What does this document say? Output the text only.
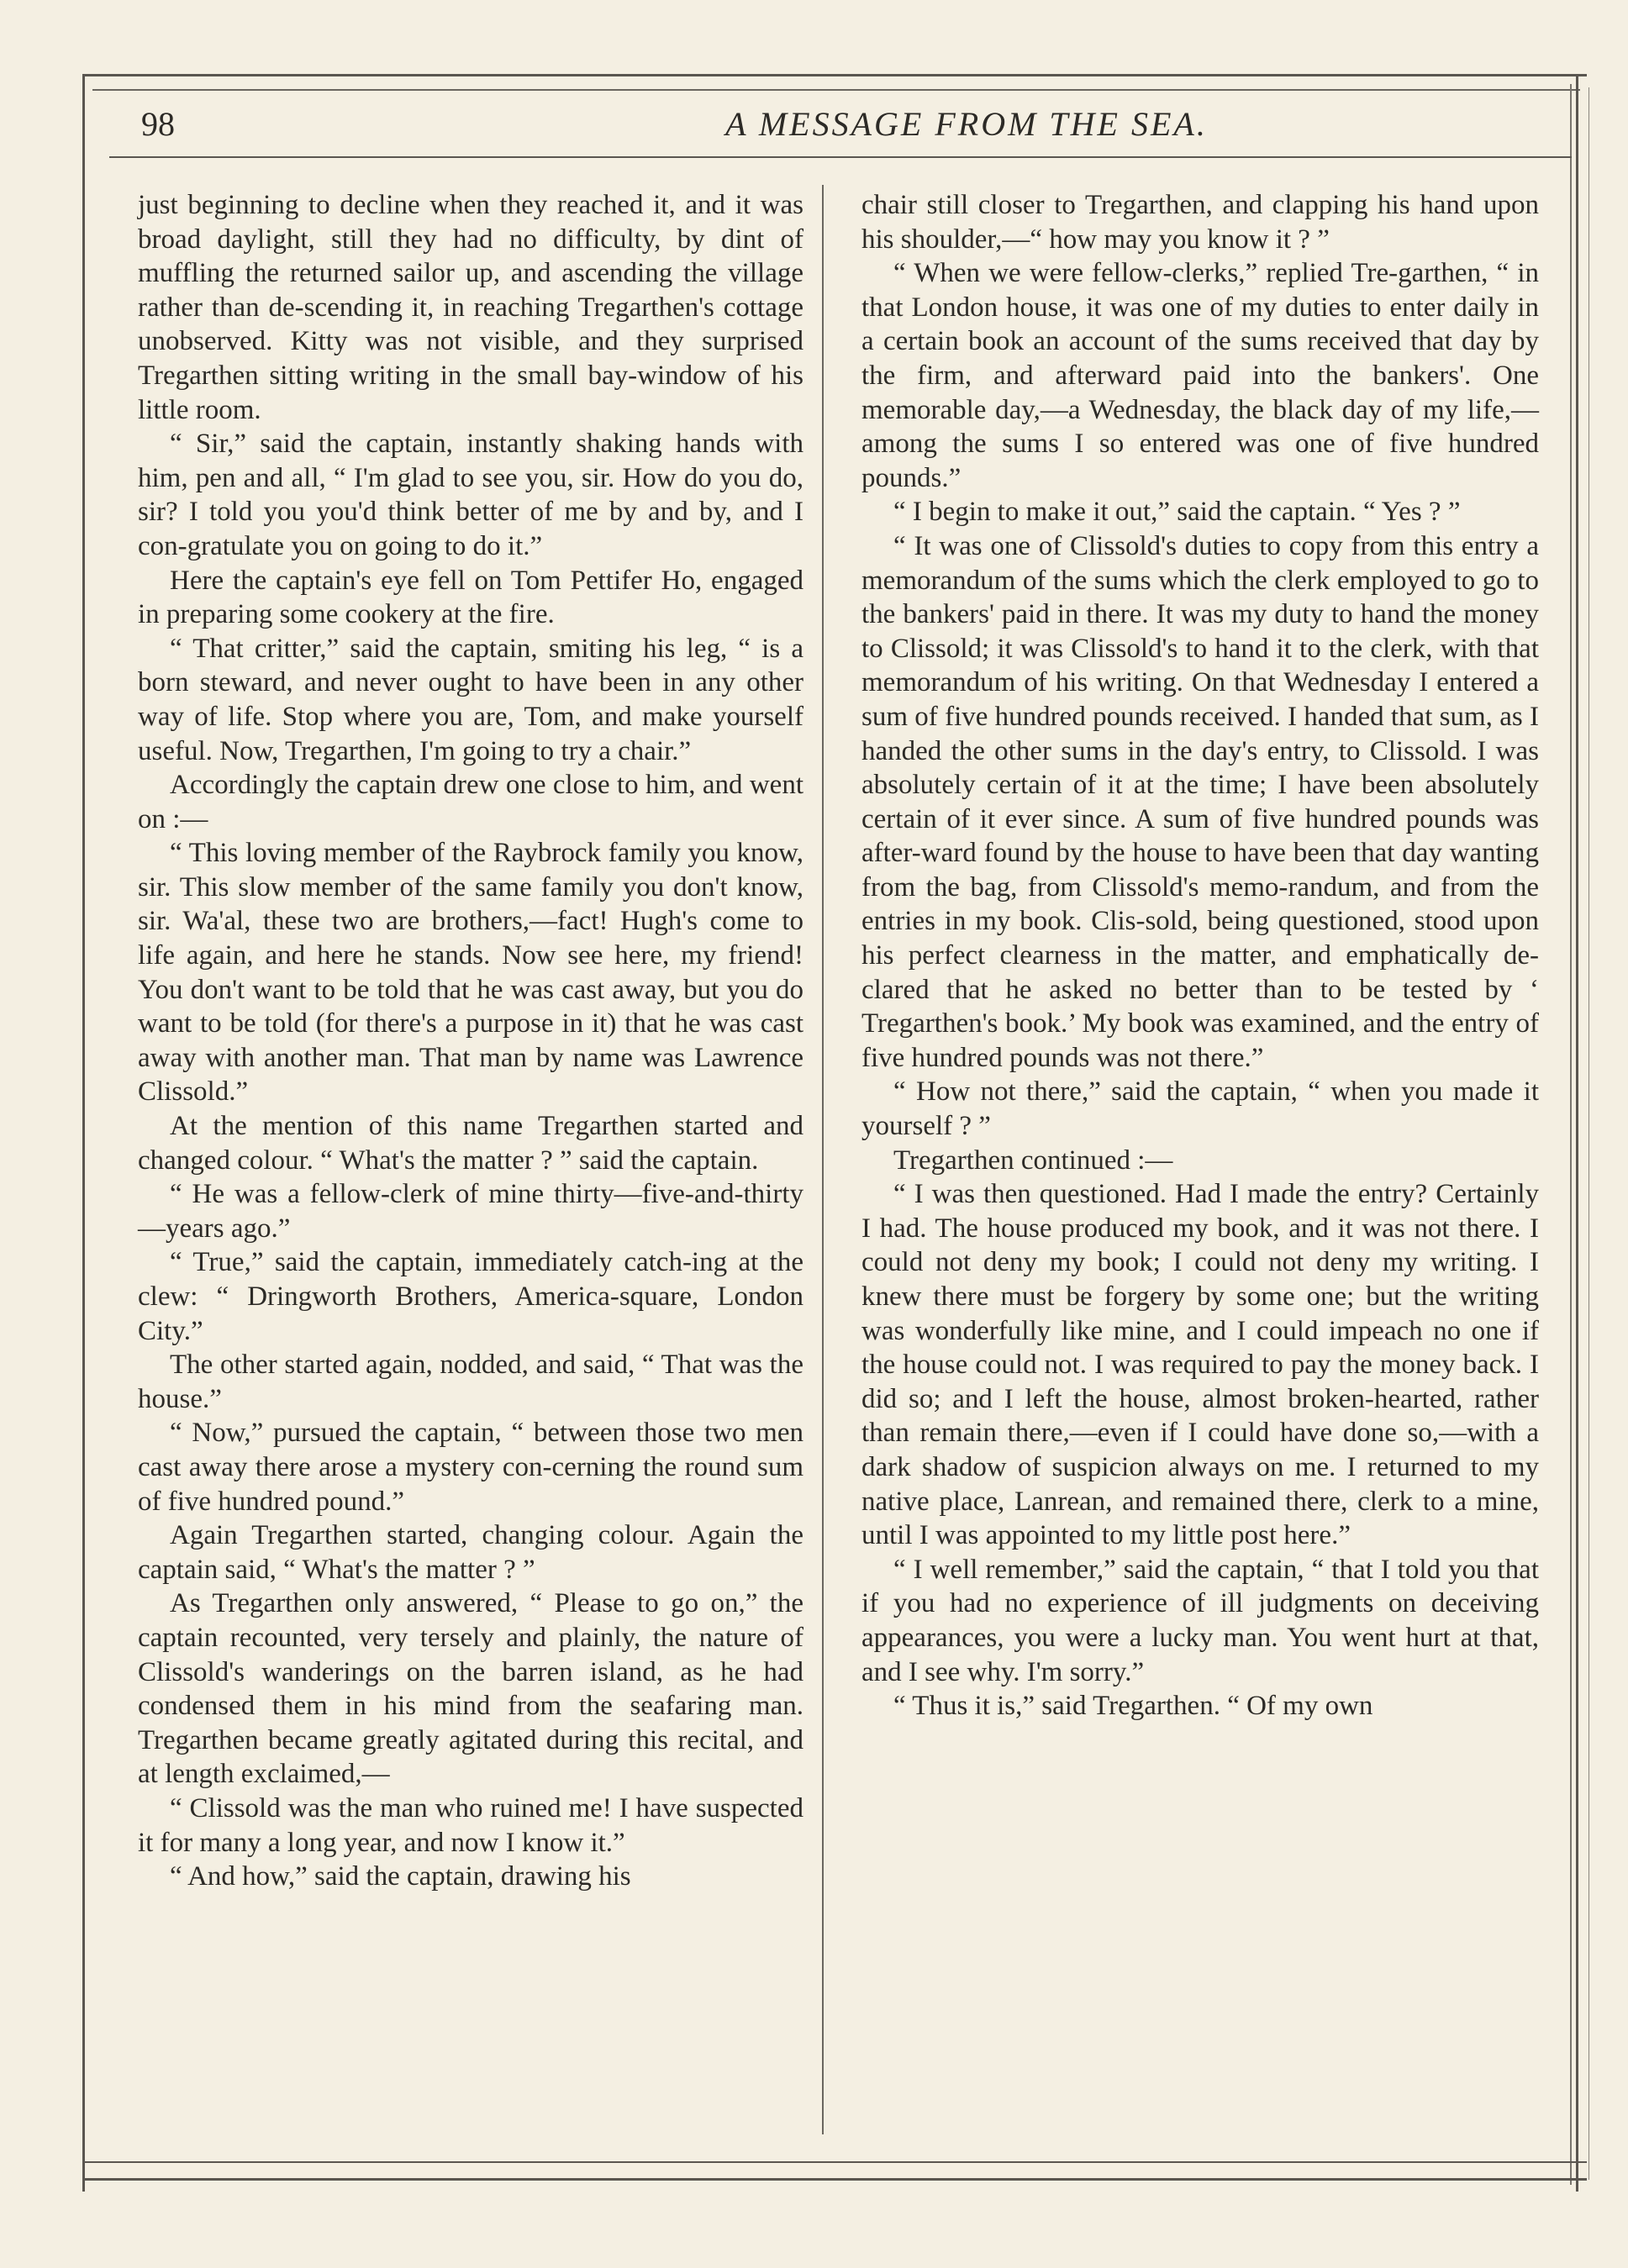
98	A MESSAGE FROM THE SEA.

just beginning to decline when they reached it, and it was broad daylight, still they had no difficulty, by dint of muffling the returned sailor up, and ascending the village rather than de-scending it, in reaching Tregarthen's cottage unobserved. Kitty was not visible, and they surprised Tregarthen sitting writing in the small bay-window of his little room.

“ Sir,” said the captain, instantly shaking hands with him, pen and all, “ I'm glad to see you, sir. How do you do, sir? I told you you'd think better of me by and by, and I con-gratulate you on going to do it.”

Here the captain's eye fell on Tom Pettifer Ho, engaged in preparing some cookery at the fire.

“ That critter,” said the captain, smiting his leg, “ is a born steward, and never ought to have been in any other way of life. Stop where you are, Tom, and make yourself useful. Now, Tregarthen, I'm going to try a chair.”

Accordingly the captain drew one close to him, and went on :—

“ This loving member of the Raybrock family you know, sir. This slow member of the same family you don't know, sir. Wa'al, these two are brothers,—fact! Hugh's come to life again, and here he stands. Now see here, my friend! You don't want to be told that he was cast away, but you do want to be told (for there's a purpose in it) that he was cast away with another man. That man by name was Lawrence Clissold.”

At the mention of this name Tregarthen started and changed colour. “ What's the matter ? ” said the captain.

“ He was a fellow-clerk of mine thirty—five-and-thirty—years ago.”

“ True,” said the captain, immediately catch-ing at the clew: “ Dringworth Brothers, America-square, London City.”

The other started again, nodded, and said, “ That was the house.”

“ Now,” pursued the captain, “ between those two men cast away there arose a mystery con-cerning the round sum of five hundred pound.”

Again Tregarthen started, changing colour. Again the captain said, “ What's the matter ? ”

As Tregarthen only answered, “ Please to go on,” the captain recounted, very tersely and plainly, the nature of Clissold's wanderings on the barren island, as he had condensed them in his mind from the seafaring man. Tregarthen became greatly agitated during this recital, and at length exclaimed,—

“ Clissold was the man who ruined me! I have suspected it for many a long year, and now I know it.”

“ And how,” said the captain, drawing his

chair still closer to Tregarthen, and clapping his hand upon his shoulder,—“ how may you know it ? ”

“ When we were fellow-clerks,” replied Tre-garthen, “ in that London house, it was one of my duties to enter daily in a certain book an account of the sums received that day by the firm, and afterward paid into the bankers'. One memorable day,—a Wednesday, the black day of my life,—among the sums I so entered was one of five hundred pounds.”

“ I begin to make it out,” said the captain. “ Yes ? ”

“ It was one of Clissold's duties to copy from this entry a memorandum of the sums which the clerk employed to go to the bankers' paid in there. It was my duty to hand the money to Clissold; it was Clissold's to hand it to the clerk, with that memorandum of his writing. On that Wednesday I entered a sum of five hundred pounds received. I handed that sum, as I handed the other sums in the day's entry, to Clissold. I was absolutely certain of it at the time; I have been absolutely certain of it ever since. A sum of five hundred pounds was after-ward found by the house to have been that day wanting from the bag, from Clissold's memo-randum, and from the entries in my book. Clis-sold, being questioned, stood upon his perfect clearness in the matter, and emphatically de-clared that he asked no better than to be tested by ‘ Tregarthen's book.’ My book was examined, and the entry of five hundred pounds was not there.”

“ How not there,” said the captain, “ when you made it yourself ? ”

Tregarthen continued :—

“ I was then questioned. Had I made the entry? Certainly I had. The house produced my book, and it was not there. I could not deny my book; I could not deny my writing. I knew there must be forgery by some one; but the writing was wonderfully like mine, and I could impeach no one if the house could not. I was required to pay the money back. I did so; and I left the house, almost broken-hearted, rather than remain there,—even if I could have done so,—with a dark shadow of suspicion always on me. I returned to my native place, Lanrean, and remained there, clerk to a mine, until I was appointed to my little post here.”

“ I well remember,” said the captain, “ that I told you that if you had no experience of ill judgments on deceiving appearances, you were a lucky man. You went hurt at that, and I see why. I'm sorry.”

“ Thus it is,” said Tregarthen. “ Of my own
